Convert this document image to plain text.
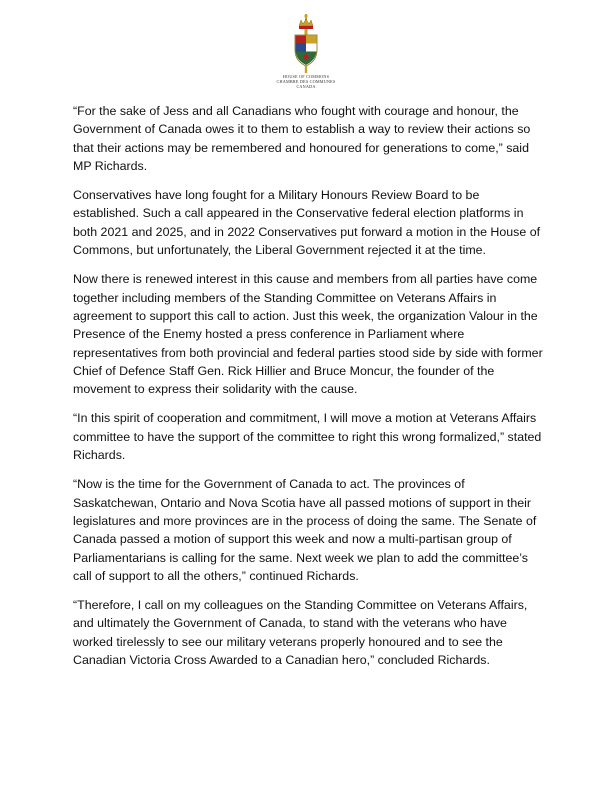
HOUSE OF COMMONS
CHAMBRE DES COMMUNES
CANADA

“For the sake of Jess and all Canadians who fought with courage and honour, the Government of Canada owes it to them to establish a way to review their actions so that their actions may be remembered and honoured for generations to come,” said MP Richards.

Conservatives have long fought for a Military Honours Review Board to be established. Such a call appeared in the Conservative federal election platforms in both 2021 and 2025, and in 2022 Conservatives put forward a motion in the House of Commons, but unfortunately, the Liberal Government rejected it at the time.

Now there is renewed interest in this cause and members from all parties have come together including members of the Standing Committee on Veterans Affairs in agreement to support this call to action. Just this week, the organization Valour in the Presence of the Enemy hosted a press conference in Parliament where representatives from both provincial and federal parties stood side by side with former Chief of Defence Staff Gen. Rick Hillier and Bruce Moncur, the founder of the movement to express their solidarity with the cause.

“In this spirit of cooperation and commitment, I will move a motion at Veterans Affairs committee to have the support of the committee to right this wrong formalized,” stated Richards.

“Now is the time for the Government of Canada to act. The provinces of Saskatchewan, Ontario and Nova Scotia have all passed motions of support in their legislatures and more provinces are in the process of doing the same. The Senate of Canada passed a motion of support this week and now a multi-partisan group of Parliamentarians is calling for the same. Next week we plan to add the committee’s call of support to all the others,” continued Richards.

“Therefore, I call on my colleagues on the Standing Committee on Veterans Affairs, and ultimately the Government of Canada, to stand with the veterans who have worked tirelessly to see our military veterans properly honoured and to see the Canadian Victoria Cross Awarded to a Canadian hero,” concluded Richards.
